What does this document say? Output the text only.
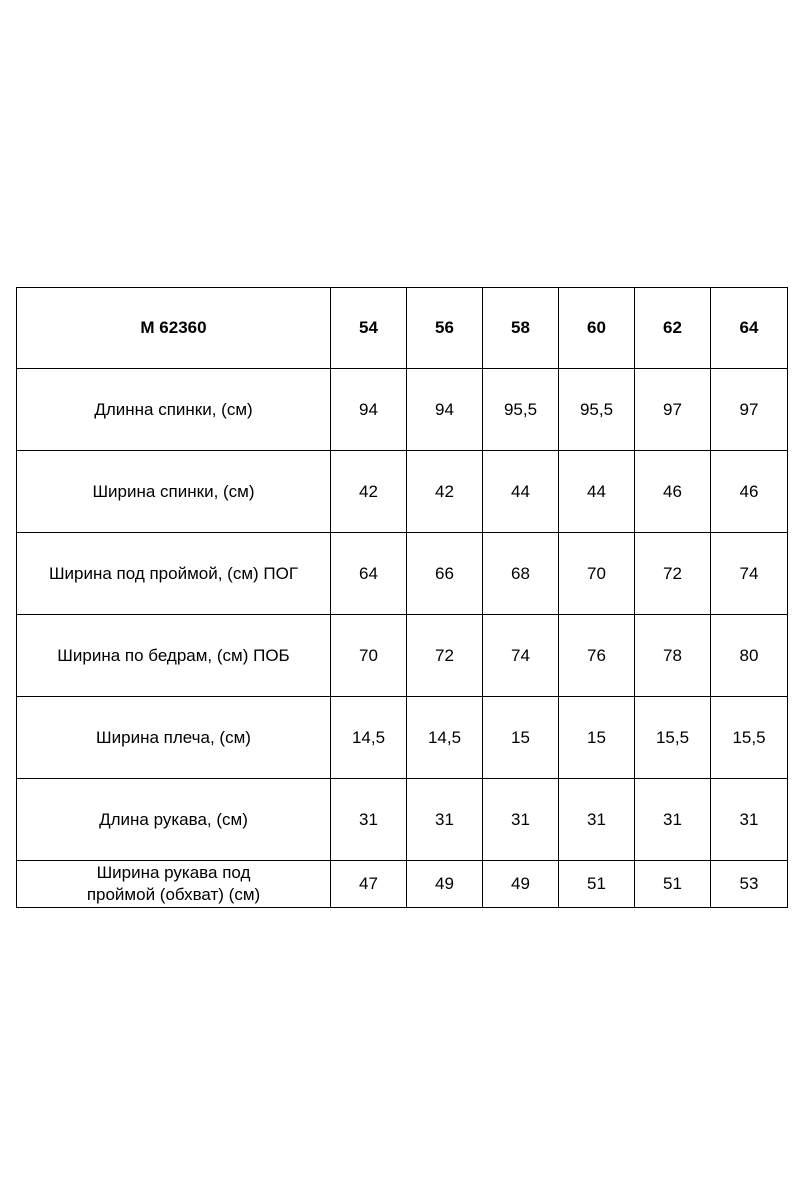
M 62360	54	56	58	60	62	64
Длинна спинки, (см)	94	94	95,5	95,5	97	97
Ширина спинки, (см)	42	42	44	44	46	46
Ширина под проймой, (см) ПОГ	64	66	68	70	72	74
Ширина по бедрам, (см) ПОБ	70	72	74	76	78	80
Ширина плеча, (см)	14,5	14,5	15	15	15,5	15,5
Длина рукава, (см)	31	31	31	31	31	31
Ширина рукава под
проймой (обхват) (см)	47	49	49	51	51	53
